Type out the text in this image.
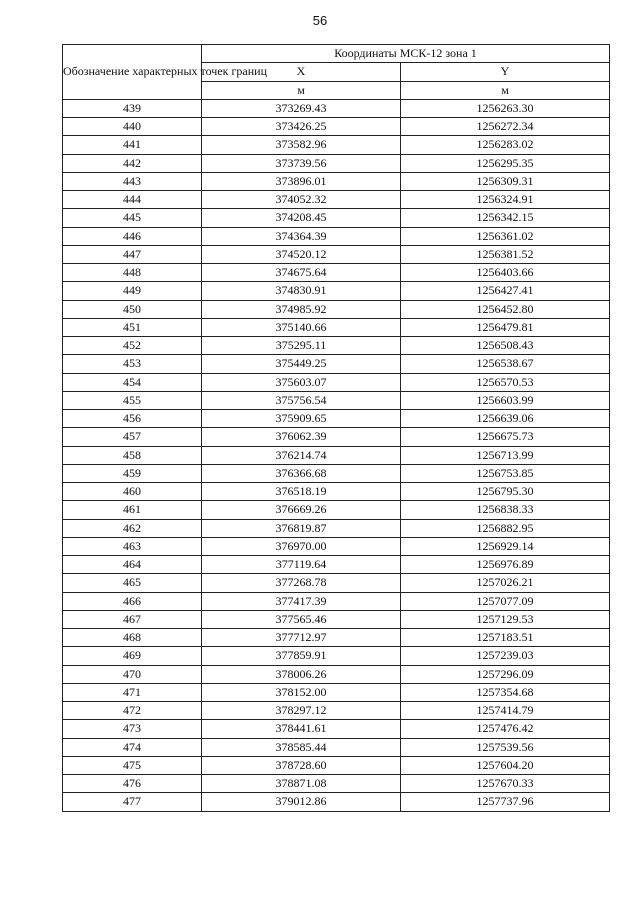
56
Обозначение характерных точек границ	Координаты МСК-12 зона 1	
	X	Y
	м	м
439	373269.43	1256263.30
440	373426.25	1256272.34
441	373582.96	1256283.02
442	373739.56	1256295.35
443	373896.01	1256309.31
444	374052.32	1256324.91
445	374208.45	1256342.15
446	374364.39	1256361.02
447	374520.12	1256381.52
448	374675.64	1256403.66
449	374830.91	1256427.41
450	374985.92	1256452.80
451	375140.66	1256479.81
452	375295.11	1256508.43
453	375449.25	1256538.67
454	375603.07	1256570.53
455	375756.54	1256603.99
456	375909.65	1256639.06
457	376062.39	1256675.73
458	376214.74	1256713.99
459	376366.68	1256753.85
460	376518.19	1256795.30
461	376669.26	1256838.33
462	376819.87	1256882.95
463	376970.00	1256929.14
464	377119.64	1256976.89
465	377268.78	1257026.21
466	377417.39	1257077.09
467	377565.46	1257129.53
468	377712.97	1257183.51
469	377859.91	1257239.03
470	378006.26	1257296.09
471	378152.00	1257354.68
472	378297.12	1257414.79
473	378441.61	1257476.42
474	378585.44	1257539.56
475	378728.60	1257604.20
476	378871.08	1257670.33
477	379012.86	1257737.96
